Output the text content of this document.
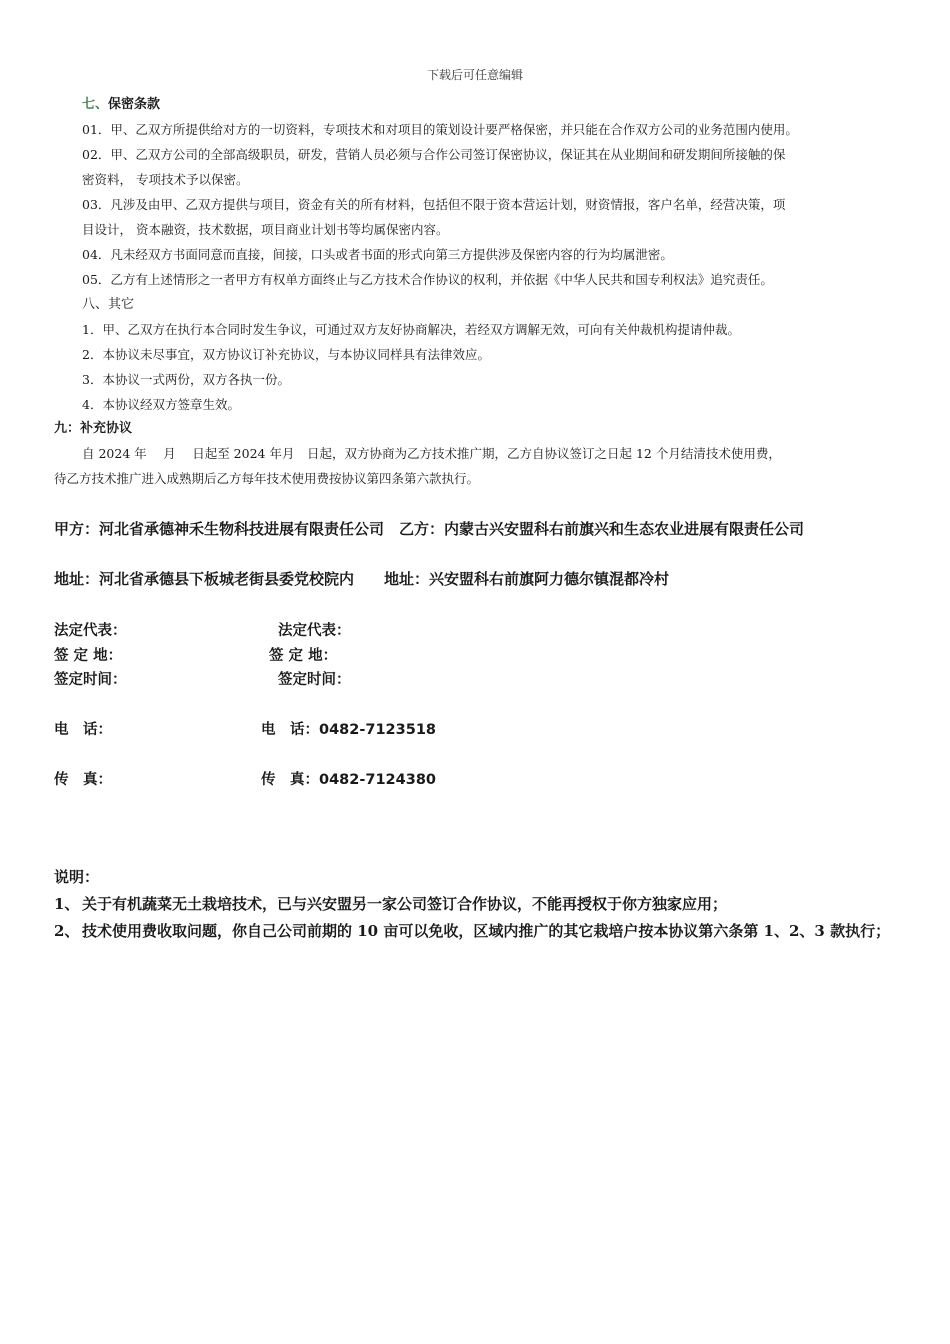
下载后可任意编辑
七、保密条款
01．甲、乙双方所提供给对方的一切资料，专项技术和对项目的策划设计要严格保密，并只能在合作双方公司的业务范围内使用。
02．甲、乙双方公司的全部高级职员，研发，营销人员必须与合作公司签订保密协议，保证其在从业期间和研发期间所接触的保
密资料， 专项技术予以保密。
03．凡涉及由甲、乙双方提供与项目，资金有关的所有材料，包括但不限于资本营运计划，财资情报，客户名单，经营决策，项
目设计， 资本融资，技术数据，项目商业计划书等均属保密内容。
04．凡未经双方书面同意而直接，间接，口头或者书面的形式向第三方提供涉及保密内容的行为均属泄密。
05．乙方有上述情形之一者甲方有权单方面终止与乙方技术合作协议的权利，并依据《中华人民共和国专利权法》追究责任。
八、其它
1．甲、乙双方在执行本合同时发生争议，可通过双方友好协商解决，若经双方调解无效，可向有关仲裁机构提请仲裁。
2．本协议未尽事宜，双方协议订补充协议，与本协议同样具有法律效应。
3．本协议一式两份，双方各执一份。
4．本协议经双方签章生效。
九：补充协议
自 2024 年　 月　 日起至 2024 年月　日起，双方协商为乙方技术推广期，乙方自协议签订之日起 12 个月结清技术使用费，
待乙方技术推广进入成熟期后乙方每年技术使用费按协议第四条第六款执行。
甲方：河北省承德神禾生物科技进展有限责任公司　乙方：内蒙古兴安盟科右前旗兴和生态农业进展有限责任公司
地址：河北省承德县下板城老街县委党校院内　　地址：兴安盟科右前旗阿力德尔镇混都冷村
法定代表：
签 定 地：
签定时间：
电　话：
传　真：
法定代表：
签 定 地：
签定时间：
电　话：0482-7123518
传　真：0482-7124380
说明：
1、 关于有机蔬菜无土栽培技术，已与兴安盟另一家公司签订合作协议，不能再授权于你方独家应用；
2、 技术使用费收取问题，你自己公司前期的 10 亩可以免收，区域内推广的其它栽培户按本协议第六条第 1、2、3 款执行；
